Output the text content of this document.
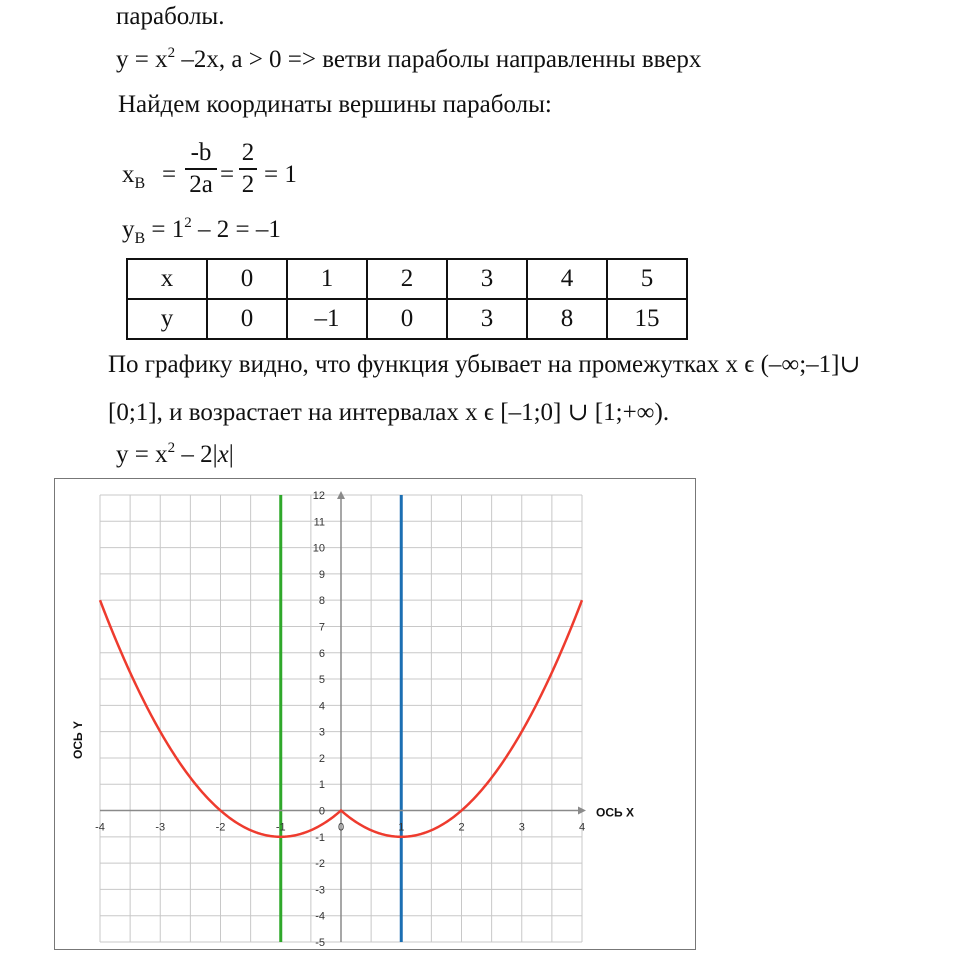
параболы.
$y = x^2$ –2x, a > 0 => ветви параболы направленны вверх
Найдем координаты вершины параболы:
$x_B$ =
-b
2a =
2
2 = 1
$y_B = 1^2 - 2 = -1$
x	0	1	2	3	4	5
y	0	–1	0	3	8	15
По графику видно, что функция убывает на промежутках x ϵ (–∞;–1]∪
[0;1], и возрастает на интервалах x ϵ [–1;0] ∪ [1;+∞).
$y = x^2 - 2|x|$
-4	-3	-2	-1	0	1	2	3	4
-5
-4
-3
-2
-1
0
1
2
3
4
5
6
7
8
9
10
11
12
ОСЬ X
ОСЬ Y
